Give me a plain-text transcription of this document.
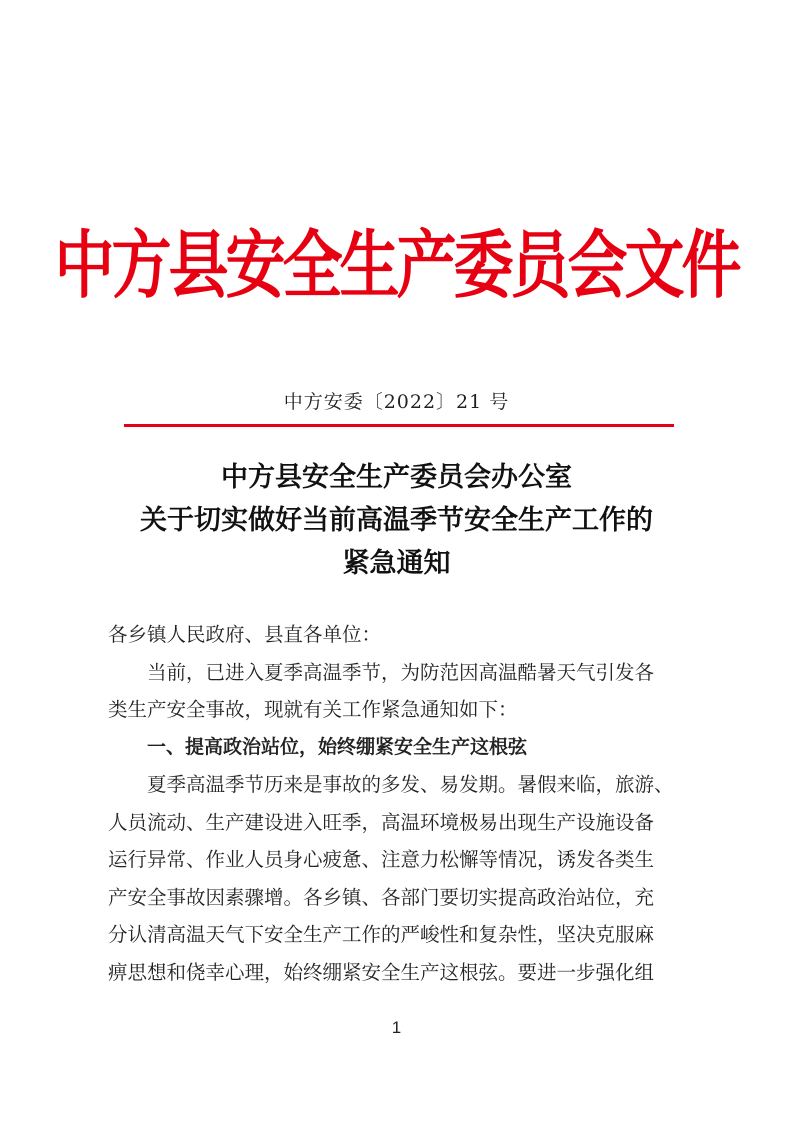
中方县安全生产委员会文件
中方安委〔2022〕21 号
中方县安全生产委员会办公室
关于切实做好当前高温季节安全生产工作的
紧急通知
各乡镇人民政府、县直各单位：
当前，已进入夏季高温季节，为防范因高温酷暑天气引发各
类生产安全事故，现就有关工作紧急通知如下：
一、提高政治站位，始终绷紧安全生产这根弦
夏季高温季节历来是事故的多发、易发期。暑假来临，旅游、
人员流动、生产建设进入旺季，高温环境极易出现生产设施设备
运行异常、作业人员身心疲惫、注意力松懈等情况，诱发各类生
产安全事故因素骤增。各乡镇、各部门要切实提高政治站位，充
分认清高温天气下安全生产工作的严峻性和复杂性，坚决克服麻
痹思想和侥幸心理，始终绷紧安全生产这根弦。要进一步强化组
1
